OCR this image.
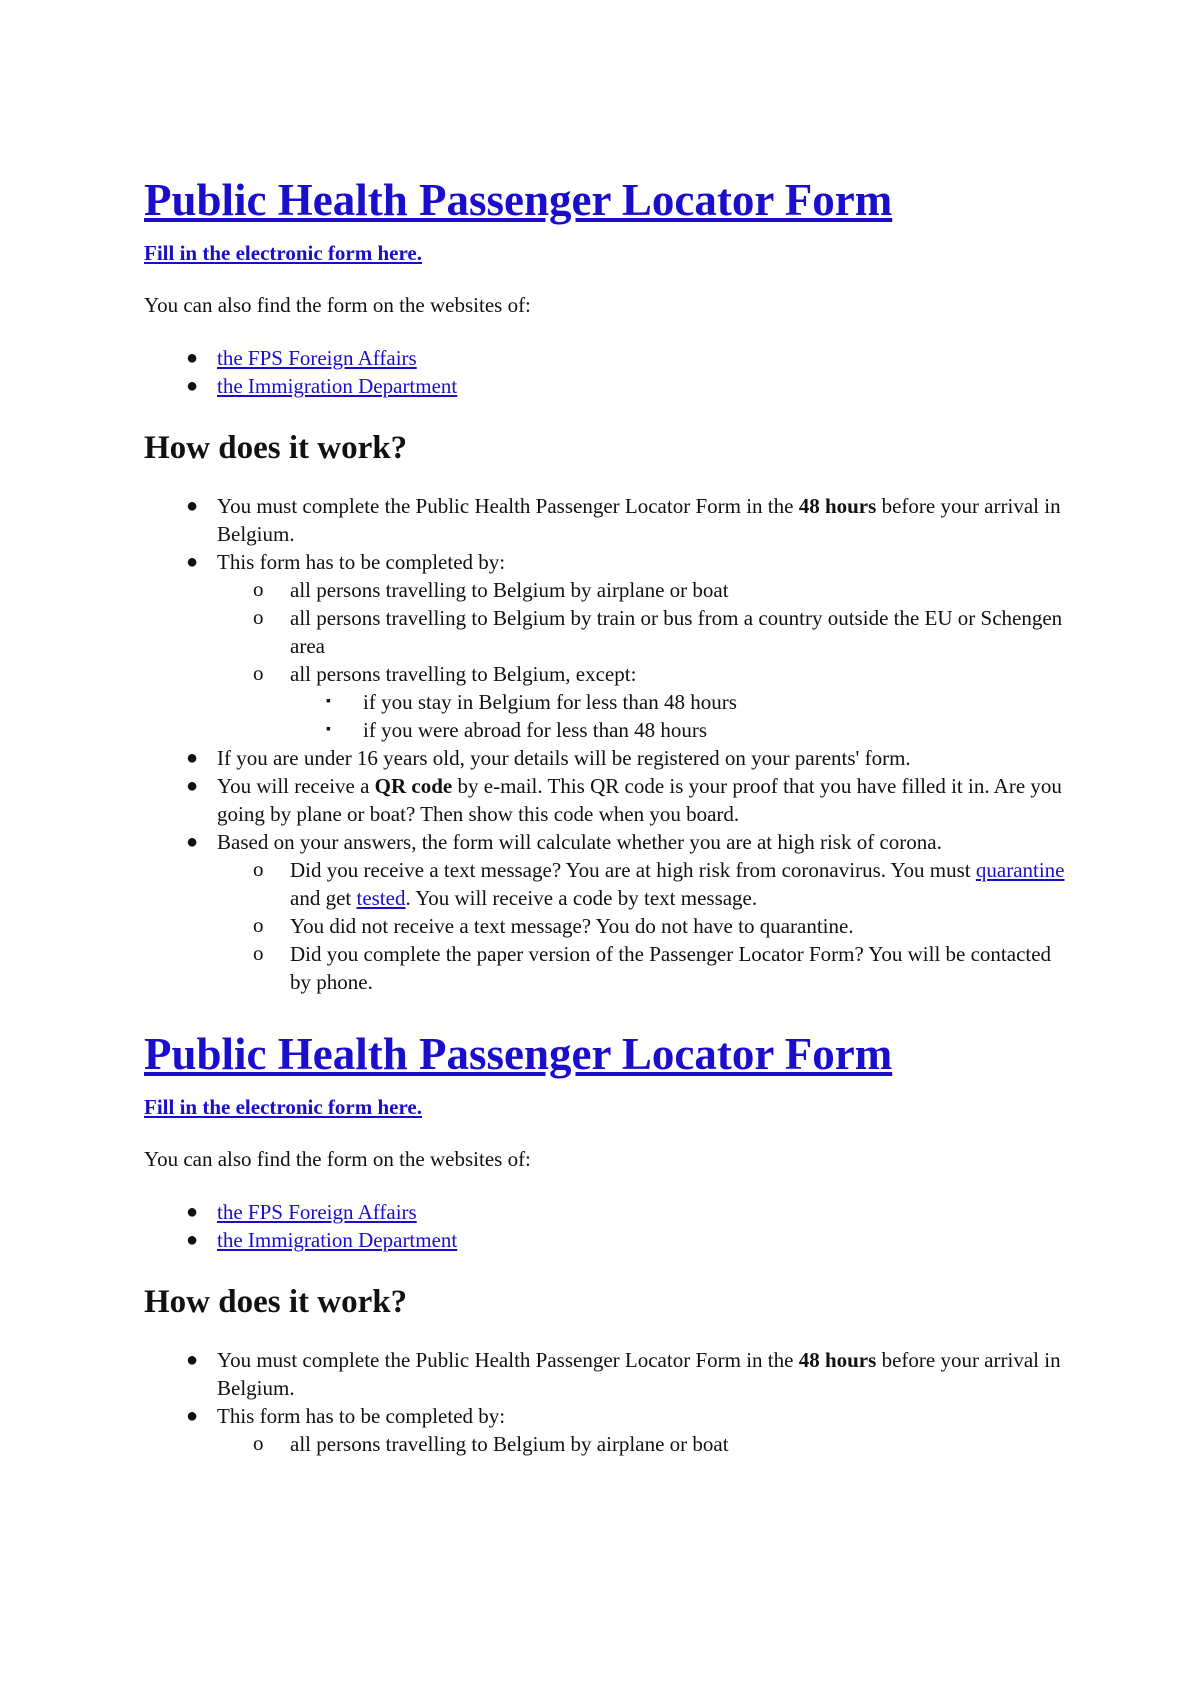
Public Health Passenger Locator Form
Fill in the electronic form here.

You can also find the form on the websites of:

● the FPS Foreign Affairs
● the Immigration Department
How does it work?
● You must complete the Public Health Passenger Locator Form in the 48 hours before your arrival in Belgium.
● This form has to be completed by:
o all persons travelling to Belgium by airplane or boat
o all persons travelling to Belgium by train or bus from a country outside the EU or Schengen area
o all persons travelling to Belgium, except:
▪ if you stay in Belgium for less than 48 hours
▪ if you were abroad for less than 48 hours
● If you are under 16 years old, your details will be registered on your parents' form.
● You will receive a QR code by e-mail. This QR code is your proof that you have filled it in. Are you going by plane or boat? Then show this code when you board.
● Based on your answers, the form will calculate whether you are at high risk of corona.
o Did you receive a text message? You are at high risk from coronavirus. You must quarantine and get tested. You will receive a code by text message.
o You did not receive a text message? You do not have to quarantine.
o Did you complete the paper version of the Passenger Locator Form? You will be contacted by phone.
Public Health Passenger Locator Form
Fill in the electronic form here.

You can also find the form on the websites of:

● the FPS Foreign Affairs
● the Immigration Department
How does it work?
● You must complete the Public Health Passenger Locator Form in the 48 hours before your arrival in Belgium.
● This form has to be completed by:
o all persons travelling to Belgium by airplane or boat
